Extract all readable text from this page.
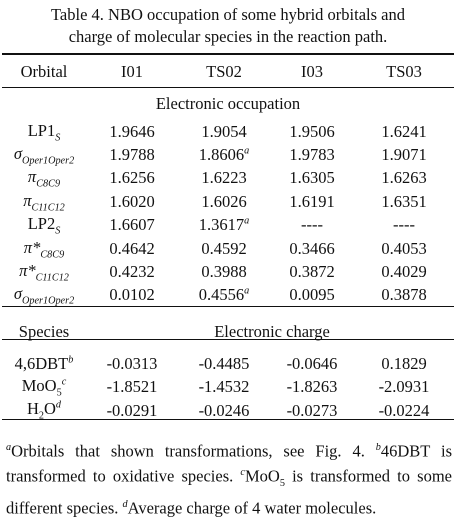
Table 4. NBO occupation of some hybrid orbitals and
charge of molecular species in the reaction path.
Orbital	I01	TS02	I03	TS03
Electronic occupation				
$LP1_S$	1.9646	1.9054	1.9506	1.6241
$\sigma_{Oper1Oper2}$	1.9788	1.8606$^a$	1.9783	1.9071
$\pi_{C8C9}$	1.6256	1.6223	1.6305	1.6263
$\pi_{C11C12}$	1.6020	1.6026	1.6191	1.6351
$LP2_S$	1.6607	1.3617$^a$	----	----
$\pi*_{C8C9}$	0.4642	0.4592	0.3466	0.4053
$\pi*_{C11C12}$	0.4232	0.3988	0.3872	0.4029
$\sigma_{Oper1Oper2}$	0.0102	0.4556$^a$	0.0095	0.3878

Species	Electronic charge			

4,6DBT$^b$	-0.0313	-0.4485	-0.0646	0.1829
MoO$_5^c$	-1.8521	-1.4532	-1.8263	-2.0931
$H_2O^d$	-0.0291	-0.0246	-0.0273	-0.0224
$^a$Orbitals that shown transformations, see Fig. 4. $^b$46DBT is transformed to oxidative species. $^c$MoO$_5$ is transformed to some different species. $^d$Average charge of 4 water molecules.
